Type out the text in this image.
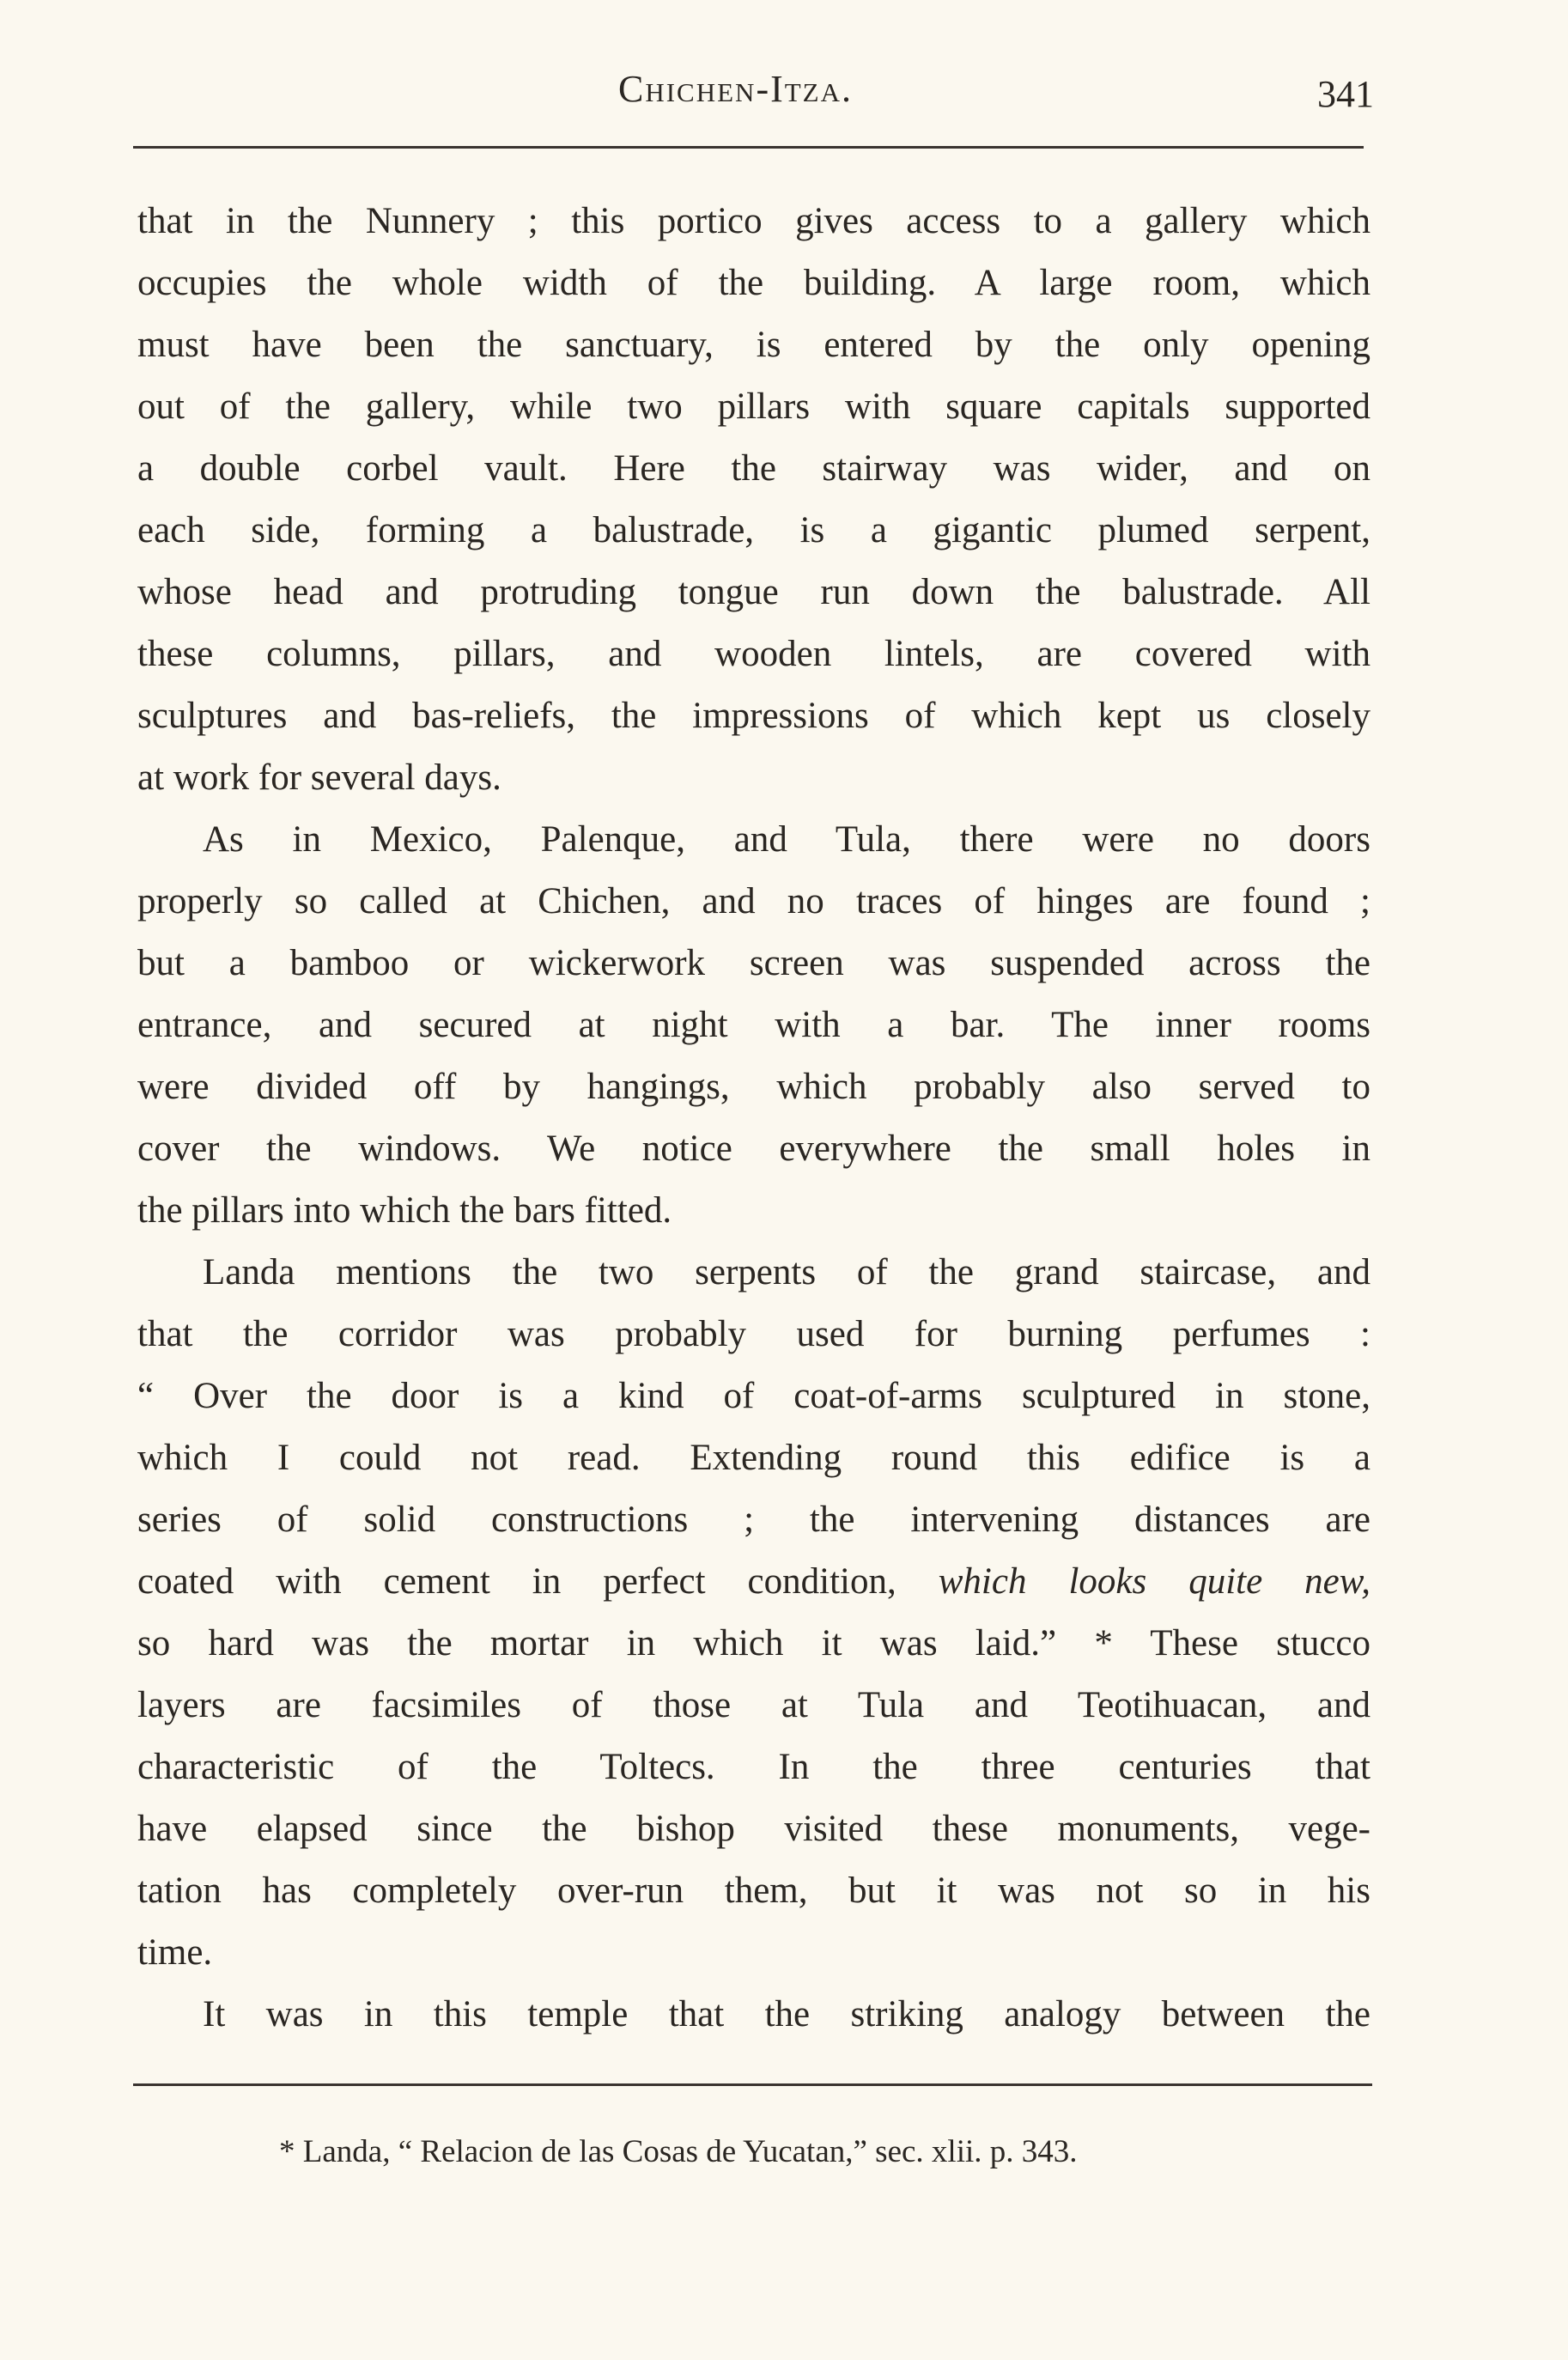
Chichen-Itza.	341
that in the Nunnery ; this portico gives access to a gallery which
occupies the whole width of the building. A large room, which
must have been the sanctuary, is entered by the only opening
out of the gallery, while two pillars with square capitals supported
a double corbel vault. Here the stairway was wider, and on
each side, forming a balustrade, is a gigantic plumed serpent,
whose head and protruding tongue run down the balustrade. All
these columns, pillars, and wooden lintels, are covered with
sculptures and bas-reliefs, the impressions of which kept us closely
at work for several days.
As in Mexico, Palenque, and Tula, there were no doors
properly so called at Chichen, and no traces of hinges are found ;
but a bamboo or wickerwork screen was suspended across the
entrance, and secured at night with a bar. The inner rooms
were divided off by hangings, which probably also served to
cover the windows. We notice everywhere the small holes in
the pillars into which the bars fitted.
Landa mentions the two serpents of the grand staircase, and
that the corridor was probably used for burning perfumes :
“ Over the door is a kind of coat-of-arms sculptured in stone,
which I could not read. Extending round this edifice is a
series of solid constructions ; the intervening distances are
coated with cement in perfect condition, which looks quite new,
so hard was the mortar in which it was laid.” * These stucco
layers are facsimiles of those at Tula and Teotihuacan, and
characteristic of the Toltecs. In the three centuries that
have elapsed since the bishop visited these monuments, vege-
tation has completely over-run them, but it was not so in his
time.
It was in this temple that the striking analogy between the
* Landa, “ Relacion de las Cosas de Yucatan,” sec. xlii. p. 343.
